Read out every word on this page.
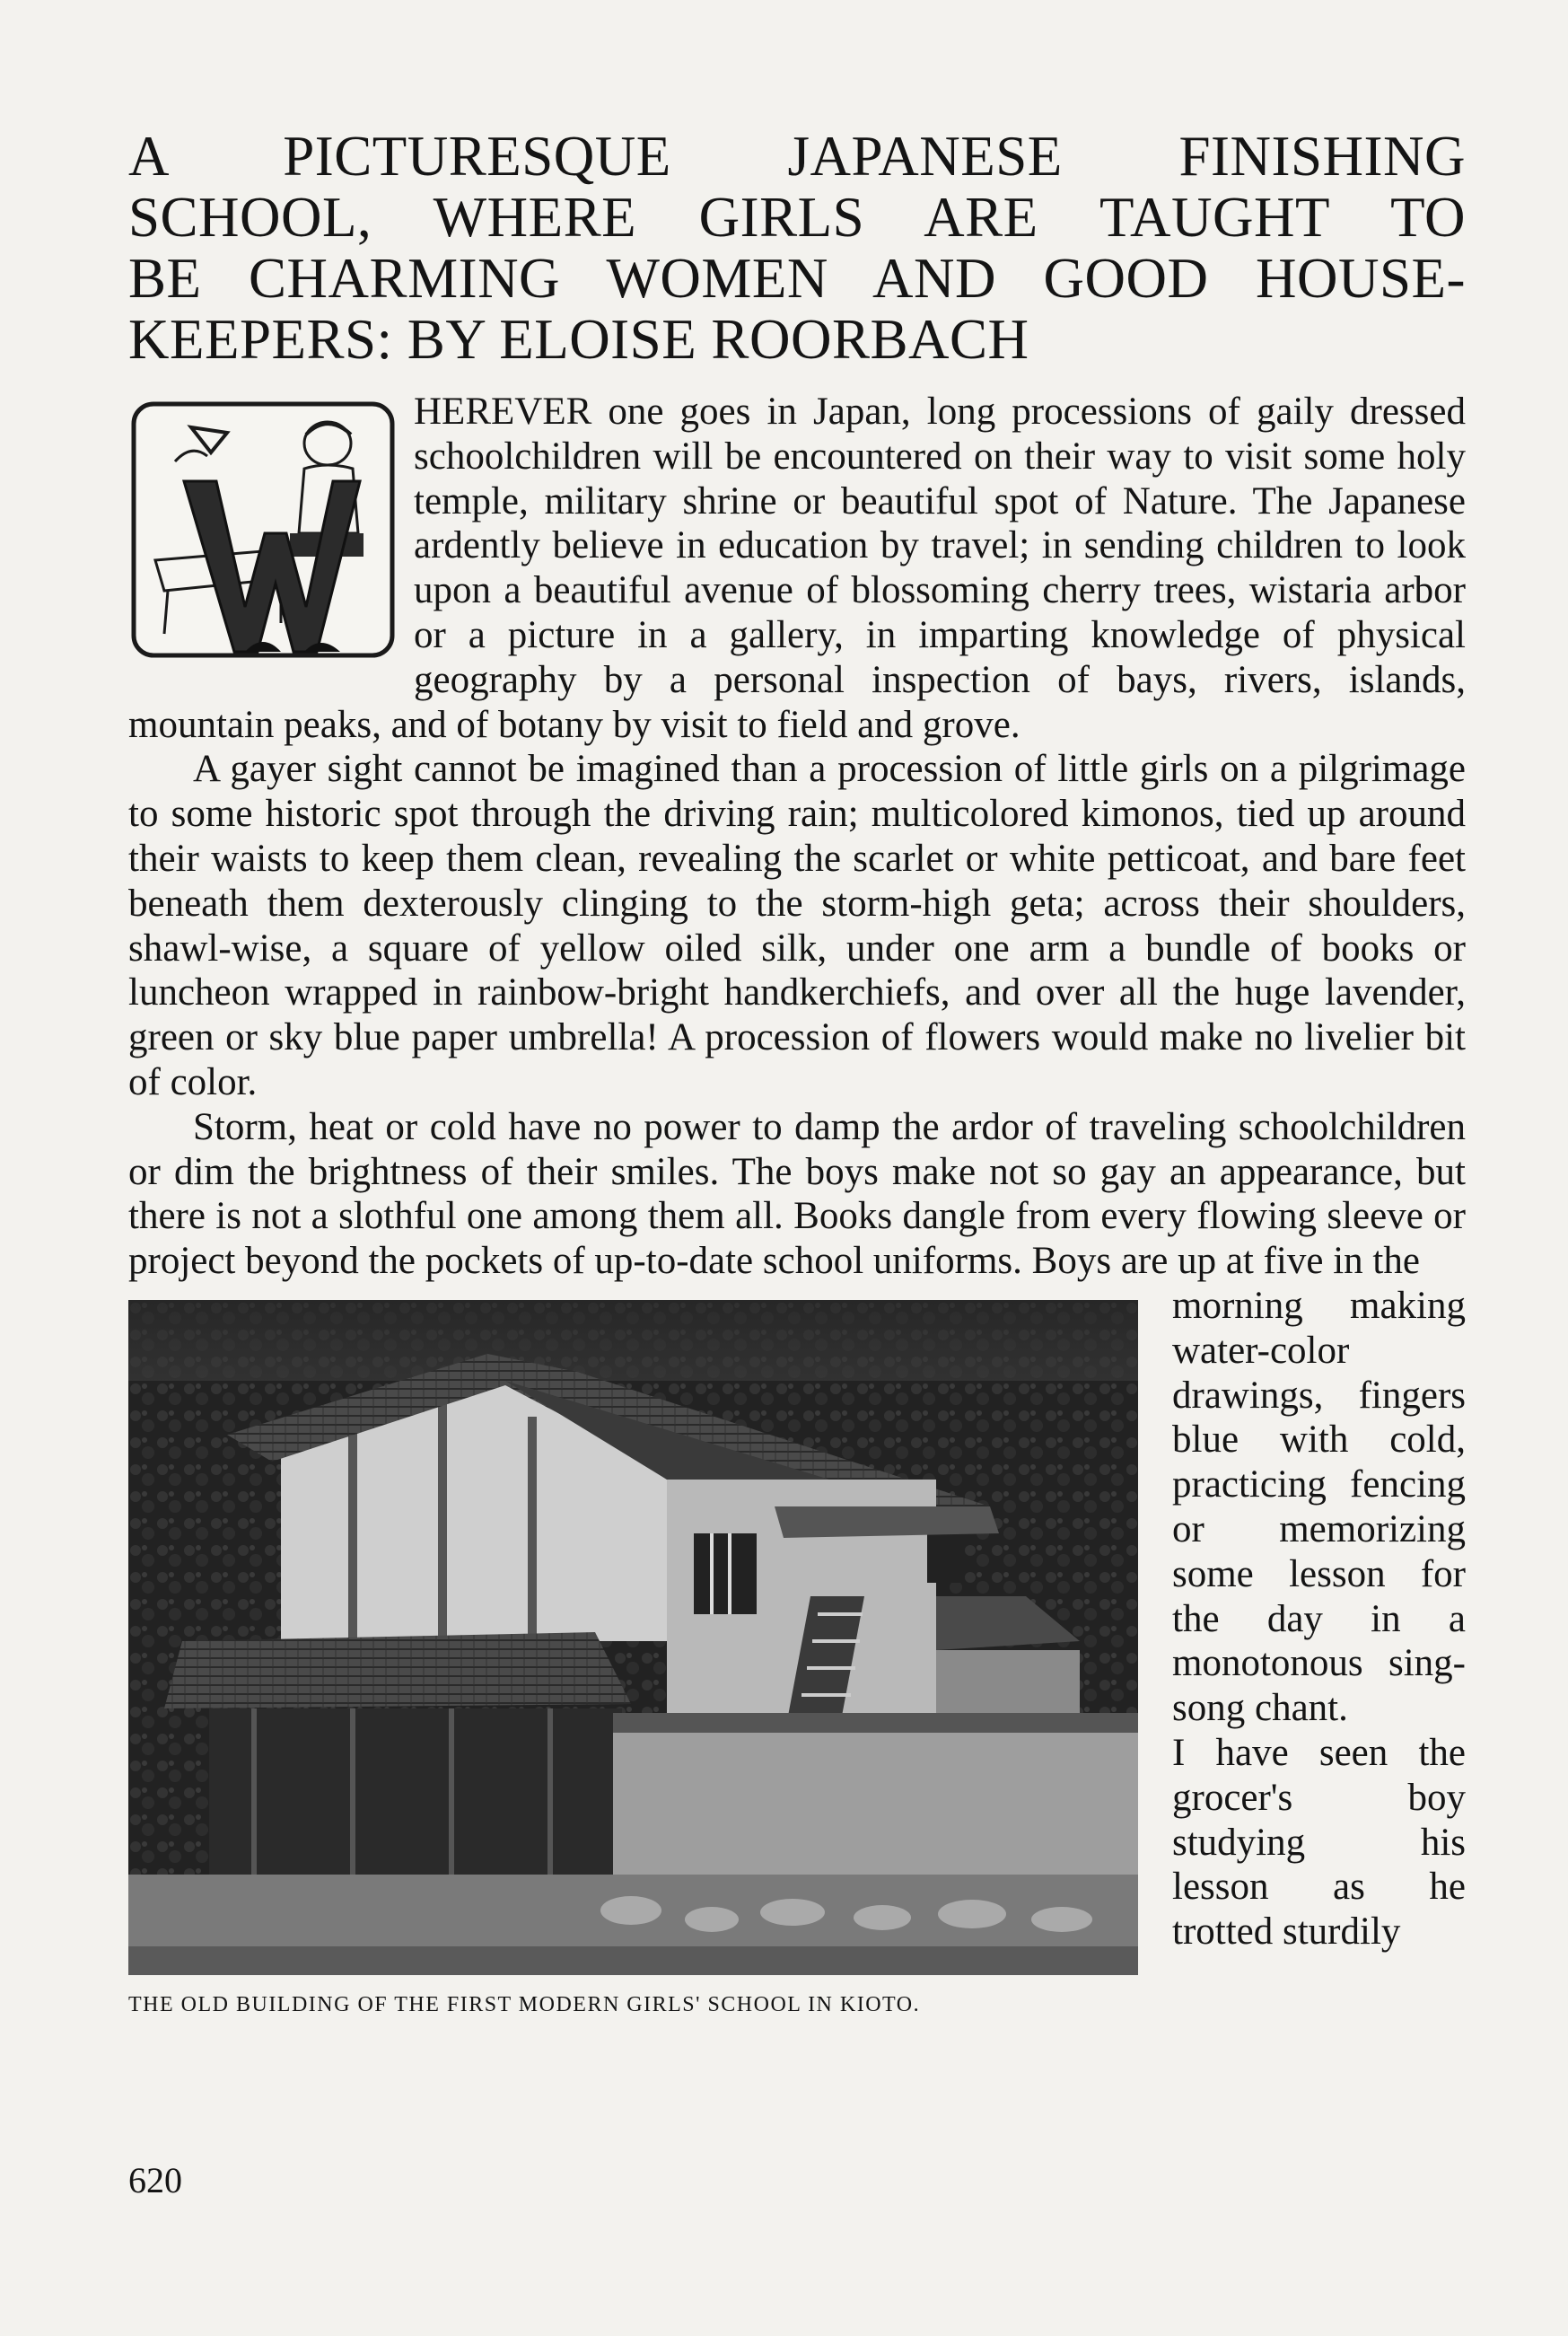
A PICTURESQUE JAPANESE FINISHING
SCHOOL, WHERE GIRLS ARE TAUGHT TO
BE CHARMING WOMEN AND GOOD HOUSE-
KEEPERS: BY ELOISE ROORBACH

HEREVER one goes in Japan, long processions of gaily dressed schoolchildren will be encountered on their way to visit some holy temple, military shrine or beautiful spot of Nature. The Japanese ardently believe in education by travel; in sending children to look upon a beautiful avenue of blossoming cherry trees, wistaria arbor or a picture in a gallery, in imparting knowledge of physical geography by a personal inspection of bays, rivers, islands, mountain peaks, and of botany by visit to field and grove.

A gayer sight cannot be imagined than a procession of little girls on a pilgrimage to some historic spot through the driving rain; multicolored kimonos, tied up around their waists to keep them clean, revealing the scarlet or white petticoat, and bare feet beneath them dexterously clinging to the storm-high geta; across their shoulders, shawl-wise, a square of yellow oiled silk, under one arm a bundle of books or luncheon wrapped in rainbow-bright handkerchiefs, and over all the huge lavender, green or sky blue paper umbrella! A procession of flowers would make no livelier bit of color.

Storm, heat or cold have no power to damp the ardor of traveling schoolchildren or dim the brightness of their smiles. The boys make not so gay an appearance, but there is not a slothful one among them all. Books dangle from every flowing sleeve or project beyond the pockets of up-to-date school uniforms. Boys are up at five in the

THE OLD BUILDING OF THE FIRST MODERN GIRLS' SCHOOL IN KIOTO.
morning making water-color drawings, fingers blue with cold, practicing fencing or memorizing some lesson for the day in a monotonous sing-song chant.

I have seen the grocer's boy studying his lesson as he trotted sturdily

620
